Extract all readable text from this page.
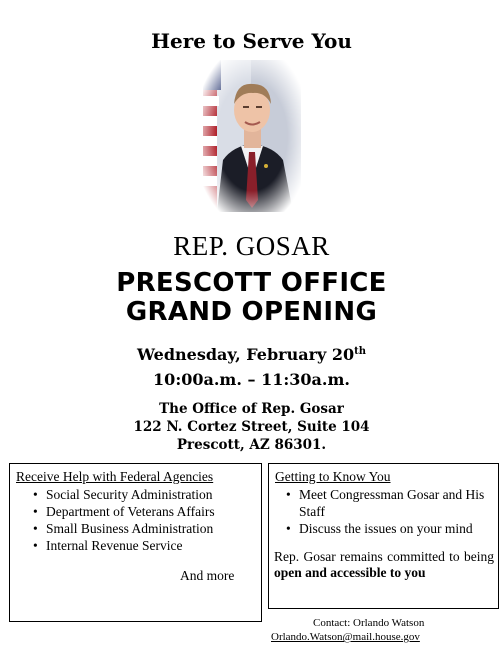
Here to Serve You
REP. GOSAR
PRESCOTT OFFICE
GRAND OPENING
Wednesday, February 20th
10:00a.m. – 11:30a.m.
The Office of Rep. Gosar
122 N. Cortez Street, Suite 104
Prescott, AZ 86301.
Receive Help with Federal Agencies
• Social Security Administration
• Department of Veterans Affairs
• Small Business Administration
• Internal Revenue Service
And more
Getting to Know You
• Meet Congressman Gosar and His Staff
• Discuss the issues on your mind
Rep. Gosar remains committed to being open and accessible to you
Contact: Orlando Watson
Orlando.Watson@mail.house.gov
